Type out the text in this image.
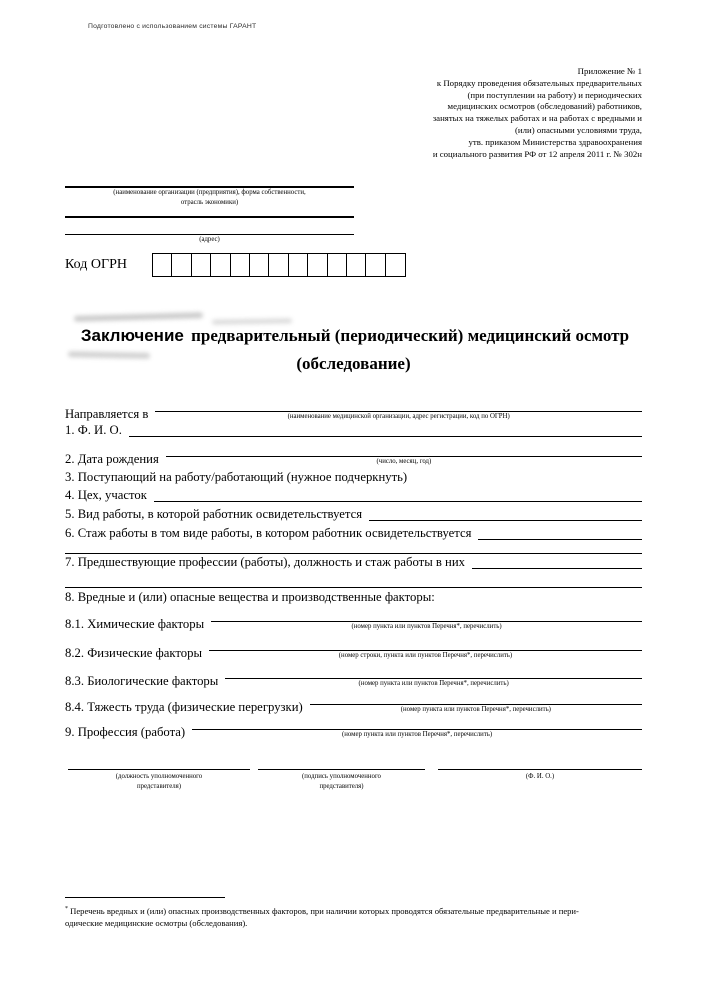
Подготовлено с использованием системы ГАРАНТ
Приложение № 1
к Порядку проведения обязательных предварительных
(при поступлении на работу) и периодических
медицинских осмотров (обследований) работников,
занятых на тяжелых работах и на работах с вредными и
(или) опасными условиями труда,
утв. приказом Министерства здравоохранения
и социального развития РФ от 12 апреля 2011 г. № 302н
(наименование организации (предприятия), форма собственности,
отрасль экономики)
(адрес)
Код ОГРН
Заключение предварительный (периодический) медицинский осмотр
(обследование)
Направляется в	(наименование медицинской организации, адрес регистрации, код по ОГРН)
1. Ф. И. О.
2. Дата рождения	(число, месяц, год)
3. Поступающий на работу/работающий (нужное подчеркнуть)
4. Цех, участок
5. Вид работы, в которой работник освидетельствуется
6. Стаж работы в том виде работы, в котором работник освидетельствуется
7. Предшествующие профессии (работы), должность и стаж работы в них
8. Вредные и (или) опасные вещества и производственные факторы:
8.1. Химические факторы	(номер пункта или пунктов Перечня*, перечислить)
8.2. Физические факторы	(номер строки, пункта или пунктов Перечня*, перечислить)
8.3. Биологические факторы	(номер пункта или пунктов Перечня*, перечислить)
8.4. Тяжесть труда (физические перегрузки)	(номер пункта или пунктов Перечня*, перечислить)
9. Профессия (работа)	(номер пункта или пунктов Перечня*, перечислить)
(должность уполномоченного
представителя)
(подпись уполномоченного
представителя)
(Ф. И. О.)
* Перечень вредных и (или) опасных производственных факторов, при наличии которых проводятся обязательные предварительные и пери-
одические медицинские осмотры (обследования).
